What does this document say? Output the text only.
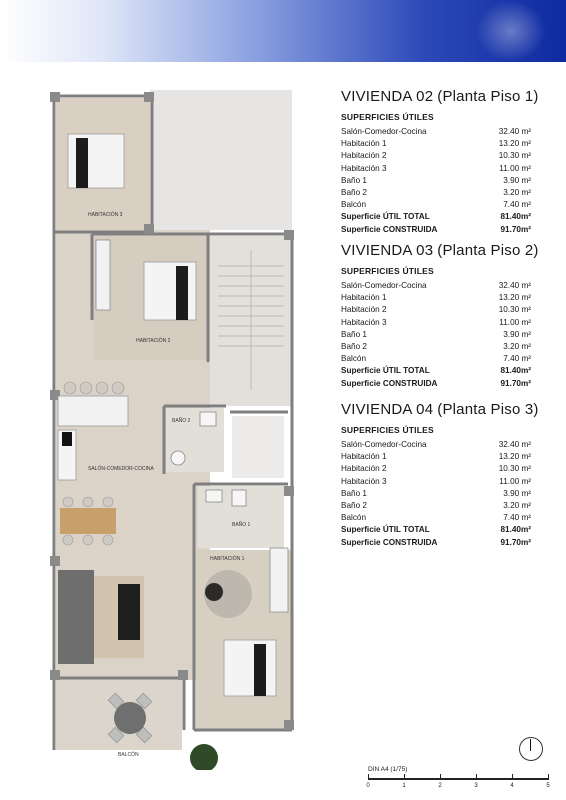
HABITACIÓN 3
HABITACIÓN 2
BAÑO 2
SALÓN-COMEDOR-COCINA
BAÑO 1
HABITACIÓN 1
BALCÓN
VIVIENDA 02 (Planta Piso 1)
SUPERFICIES ÚTILES
Salón-Comedor-Cocina	32.40 m²
Habitación 1	13.20 m²
Habitación 2	10.30 m²
Habitación 3	11.00 m²
Baño 1	3.90 m²
Baño 2	3.20 m²
Balcón	7.40 m²
Superficie ÚTIL TOTAL	81.40m²
Superficie CONSTRUIDA	91.70m²
VIVIENDA 03 (Planta Piso 2)
SUPERFICIES ÚTILES
Salón-Comedor-Cocina	32.40 m²
Habitación 1	13.20 m²
Habitación 2	10.30 m²
Habitación 3	11.00 m²
Baño 1	3.90 m²
Baño 2	3.20 m²
Balcón	7.40 m²
Superficie ÚTIL TOTAL	81.40m²
Superficie CONSTRUIDA	91.70m²
VIVIENDA 04 (Planta Piso 3)
SUPERFICIES ÚTILES
Salón-Comedor-Cocina	32.40 m²
Habitación 1	13.20 m²
Habitación 2	10.30 m²
Habitación 3	11.00 m²
Baño 1	3.90 m²
Baño 2	3.20 m²
Balcón	7.40 m²
Superficie ÚTIL TOTAL	81.40m²
Superficie CONSTRUIDA	91.70m²
DIN A4 (1/75)
0	1	2	3	4	5
